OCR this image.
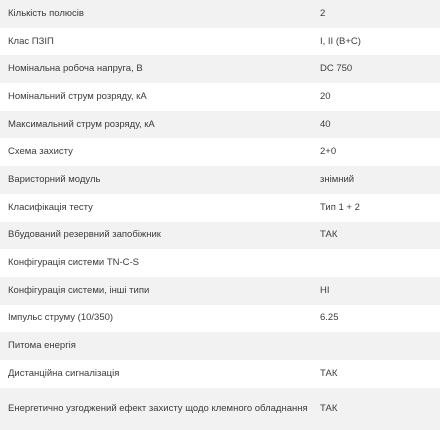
Кількість полюсів	2
Клас ПЗІП	I, II (B+C)
Номінальна робоча напруга, В	DC 750
Номінальний струм розряду, кА	20
Максимальний струм розряду, кА	40
Схема захисту	2+0
Варисторний модуль	знімний
Класифікація тесту	Тип 1 + 2
Вбудований резервний запобіжник	ТАК
Конфігурація системи TN-C-S	
Конфігурація системи, інші типи	НІ
Імпульс струму (10/350)	6.25
Питома енергія	
Дистанційна сигналізація	ТАК
Енергетично узгоджений ефект захисту щодо клемного обладнання	ТАК
